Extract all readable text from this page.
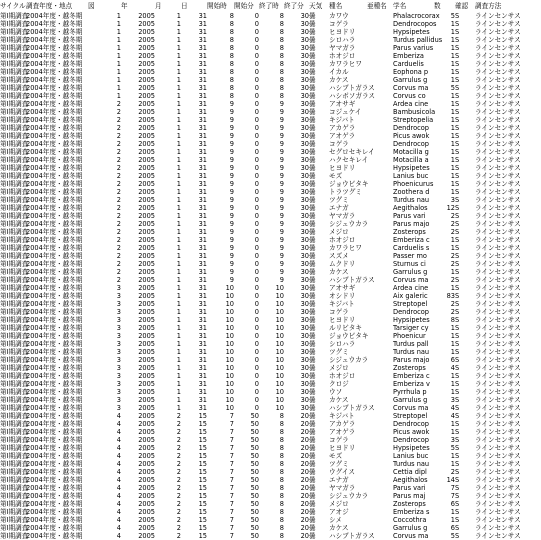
サイクル	調査年度・地点	図	年	月	日	開始時	開始分	終了時	終了分	天気	種名	亜種名	学名	数	確認	調査方法
第Ⅰ期調査	2004年度・越冬期	1	2005	1	31	8	0	8	30	曇	カワウ		Phalacrocorax	5	S	ラインセンサス
第Ⅰ期調査	2004年度・越冬期	1	2005	1	31	8	0	8	30	曇	コゲラ		Dendrocopos	1	S	ラインセンサス
第Ⅰ期調査	2004年度・越冬期	1	2005	1	31	8	0	8	30	曇	ヒヨドリ		Hypsipetes	1	S	ラインセンサス
第Ⅰ期調査	2004年度・越冬期	1	2005	1	31	8	0	8	30	曇	シロハラ		Turdus pallidus	1	S	ラインセンサス
第Ⅰ期調査	2004年度・越冬期	1	2005	1	31	8	0	8	30	曇	ヤマガラ		Parus varius	1	S	ラインセンサス
第Ⅰ期調査	2004年度・越冬期	1	2005	1	31	8	0	8	30	曇	ホオジロ		Emberiza	1	S	ラインセンサス
第Ⅰ期調査	2004年度・越冬期	1	2005	1	31	8	0	8	30	曇	カワラヒワ		Carduelis	1	S	ラインセンサス
第Ⅰ期調査	2004年度・越冬期	1	2005	1	31	8	0	8	30	曇	イカル		Eophona p	1	S	ラインセンサス
第Ⅰ期調査	2004年度・越冬期	1	2005	1	31	8	0	8	30	曇	カケス		Garrulus g	1	S	ラインセンサス
第Ⅰ期調査	2004年度・越冬期	1	2005	1	31	8	0	8	30	曇	ハシブトガラス		Corvus ma	5	S	ラインセンサス
第Ⅰ期調査	2004年度・越冬期	1	2005	1	31	8	0	8	30	曇	ハシボソガラス		Corvus co	1	S	ラインセンサス
第Ⅰ期調査	2004年度・越冬期	2	2005	1	31	9	0	9	30	曇	アオサギ		Ardea cine	1	S	ラインセンサス
第Ⅰ期調査	2004年度・越冬期	2	2005	1	31	9	0	9	30	曇	コジュケイ		Bambusicola	1	S	ラインセンサス
第Ⅰ期調査	2004年度・越冬期	2	2005	1	31	9	0	9	30	曇	キジバト		Streptopelia	1	S	ラインセンサス
第Ⅰ期調査	2004年度・越冬期	2	2005	1	31	9	0	9	30	曇	アカゲラ		Dendrocop	1	S	ラインセンサス
第Ⅰ期調査	2004年度・越冬期	2	2005	1	31	9	0	9	30	曇	アオゲラ		Picus awok	1	S	ラインセンサス
第Ⅰ期調査	2004年度・越冬期	2	2005	1	31	9	0	9	30	曇	コゲラ		Dendrocop	1	S	ラインセンサス
第Ⅰ期調査	2004年度・越冬期	2	2005	1	31	9	0	9	30	曇	セグロセキレイ		Motacilla g	1	S	ラインセンサス
第Ⅰ期調査	2004年度・越冬期	2	2005	1	31	9	0	9	30	曇	ハクセキレイ		Motacilla a	1	S	ラインセンサス
第Ⅰ期調査	2004年度・越冬期	2	2005	1	31	9	0	9	30	曇	ヒヨドリ		Hypsipetes	1	S	ラインセンサス
第Ⅰ期調査	2004年度・越冬期	2	2005	1	31	9	0	9	30	曇	モズ		Lanius buc	1	S	ラインセンサス
第Ⅰ期調査	2004年度・越冬期	2	2005	1	31	9	0	9	30	曇	ジョウビタキ		Phoenicurus	1	S	ラインセンサス
第Ⅰ期調査	2004年度・越冬期	2	2005	1	31	9	0	9	30	曇	トラツグミ		Zoothera d	1	S	ラインセンサス
第Ⅰ期調査	2004年度・越冬期	2	2005	1	31	9	0	9	30	曇	ツグミ		Turdus nau	3	S	ラインセンサス
第Ⅰ期調査	2004年度・越冬期	2	2005	1	31	9	0	9	30	曇	エナガ		Aegithalos	12	S	ラインセンサス
第Ⅰ期調査	2004年度・越冬期	2	2005	1	31	9	0	9	30	曇	ヤマガラ		Parus vari	2	S	ラインセンサス
第Ⅰ期調査	2004年度・越冬期	2	2005	1	31	9	0	9	30	曇	シジュウカラ		Parus majo	2	S	ラインセンサス
第Ⅰ期調査	2004年度・越冬期	2	2005	1	31	9	0	9	30	曇	メジロ		Zosterops	2	S	ラインセンサス
第Ⅰ期調査	2004年度・越冬期	2	2005	1	31	9	0	9	30	曇	ホオジロ		Emberiza c	1	S	ラインセンサス
第Ⅰ期調査	2004年度・越冬期	2	2005	1	31	9	0	9	30	曇	カワラヒワ		Carduelis s	1	S	ラインセンサス
第Ⅰ期調査	2004年度・越冬期	2	2005	1	31	9	0	9	30	曇	スズメ		Passer mo	2	S	ラインセンサス
第Ⅰ期調査	2004年度・越冬期	2	2005	1	31	9	0	9	30	曇	ムクドリ		Sturnus ci	2	S	ラインセンサス
第Ⅰ期調査	2004年度・越冬期	2	2005	1	31	9	0	9	30	曇	カケス		Garrulus g	1	S	ラインセンサス
第Ⅰ期調査	2004年度・越冬期	2	2005	1	31	9	0	9	30	曇	ハシブトガラス		Corvus ma	2	S	ラインセンサス
第Ⅰ期調査	2004年度・越冬期	3	2005	1	31	10	0	10	30	曇	アオサギ		Ardea cine	1	S	ラインセンサス
第Ⅰ期調査	2004年度・越冬期	3	2005	1	31	10	0	10	30	曇	オシドリ		Aix galeric	83	S	ラインセンサス
第Ⅰ期調査	2004年度・越冬期	3	2005	1	31	10	0	10	30	曇	キジバト		Streptopel	2	S	ラインセンサス
第Ⅰ期調査	2004年度・越冬期	3	2005	1	31	10	0	10	30	曇	コゲラ		Dendrocop	2	S	ラインセンサス
第Ⅰ期調査	2004年度・越冬期	3	2005	1	31	10	0	10	30	曇	ヒヨドリ		Hypsipetes	8	S	ラインセンサス
第Ⅰ期調査	2004年度・越冬期	3	2005	1	31	10	0	10	30	曇	ルリビタキ		Tarsiger cy	1	S	ラインセンサス
第Ⅰ期調査	2004年度・越冬期	3	2005	1	31	10	0	10	30	曇	ジョウビタキ		Phoenicur	1	S	ラインセンサス
第Ⅰ期調査	2004年度・越冬期	3	2005	1	31	10	0	10	30	曇	シロハラ		Turdus pall	1	S	ラインセンサス
第Ⅰ期調査	2004年度・越冬期	3	2005	1	31	10	0	10	30	曇	ツグミ		Turdus nau	1	S	ラインセンサス
第Ⅰ期調査	2004年度・越冬期	3	2005	1	31	10	0	10	30	曇	シジュウカラ		Parus majo	6	S	ラインセンサス
第Ⅰ期調査	2004年度・越冬期	3	2005	1	31	10	0	10	30	曇	メジロ		Zosterops	4	S	ラインセンサス
第Ⅰ期調査	2004年度・越冬期	3	2005	1	31	10	0	10	30	曇	ホオジロ		Emberiza c	1	S	ラインセンサス
第Ⅰ期調査	2004年度・越冬期	3	2005	1	31	10	0	10	30	曇	クロジ		Emberiza v	1	S	ラインセンサス
第Ⅰ期調査	2004年度・越冬期	3	2005	1	31	10	0	10	30	曇	ウソ		Pyrrhula p	1	S	ラインセンサス
第Ⅰ期調査	2004年度・越冬期	3	2005	1	31	10	0	10	30	曇	カケス		Garrulus g	3	S	ラインセンサス
第Ⅰ期調査	2004年度・越冬期	3	2005	1	31	10	0	10	30	曇	ハシブトガラス		Corvus ma	4	S	ラインセンサス
第Ⅰ期調査	2004年度・越冬期	4	2005	2	15	7	50	8	20	曇	キジバト		Streptopel	4	S	ラインセンサス
第Ⅰ期調査	2004年度・越冬期	4	2005	2	15	7	50	8	20	曇	アカゲラ		Dendrocop	1	S	ラインセンサス
第Ⅰ期調査	2004年度・越冬期	4	2005	2	15	7	50	8	20	曇	アオゲラ		Picus awok	1	S	ラインセンサス
第Ⅰ期調査	2004年度・越冬期	4	2005	2	15	7	50	8	20	曇	コゲラ		Dendrocop	3	S	ラインセンサス
第Ⅰ期調査	2004年度・越冬期	4	2005	2	15	7	50	8	20	曇	ヒヨドリ		Hypsipetes	5	S	ラインセンサス
第Ⅰ期調査	2004年度・越冬期	4	2005	2	15	7	50	8	20	曇	モズ		Lanius buc	1	S	ラインセンサス
第Ⅰ期調査	2004年度・越冬期	4	2005	2	15	7	50	8	20	曇	ツグミ		Turdus nau	1	S	ラインセンサス
第Ⅰ期調査	2004年度・越冬期	4	2005	2	15	7	50	8	20	曇	ウグイス		Cettia dipl	2	S	ラインセンサス
第Ⅰ期調査	2004年度・越冬期	4	2005	2	15	7	50	8	20	曇	エナガ		Aegithalos	14	S	ラインセンサス
第Ⅰ期調査	2004年度・越冬期	4	2005	2	15	7	50	8	20	曇	ヤマガラ		Parus vari	7	S	ラインセンサス
第Ⅰ期調査	2004年度・越冬期	4	2005	2	15	7	50	8	20	曇	シジュウカラ		Parus maj	7	S	ラインセンサス
第Ⅰ期調査	2004年度・越冬期	4	2005	2	15	7	50	8	20	曇	メジロ		Zosterops	6	S	ラインセンサス
第Ⅰ期調査	2004年度・越冬期	4	2005	2	15	7	50	8	20	曇	アオジ		Emberiza s	1	S	ラインセンサス
第Ⅰ期調査	2004年度・越冬期	4	2005	2	15	7	50	8	20	曇	シメ		Coccothra	1	S	ラインセンサス
第Ⅰ期調査	2004年度・越冬期	4	2005	2	15	7	50	8	20	曇	カケス		Garrulus g	6	S	ラインセンサス
第Ⅰ期調査	2004年度・越冬期	4	2005	2	15	7	50	8	20	曇	ハシブトガラス		Corvus ma	5	S	ラインセンサス
